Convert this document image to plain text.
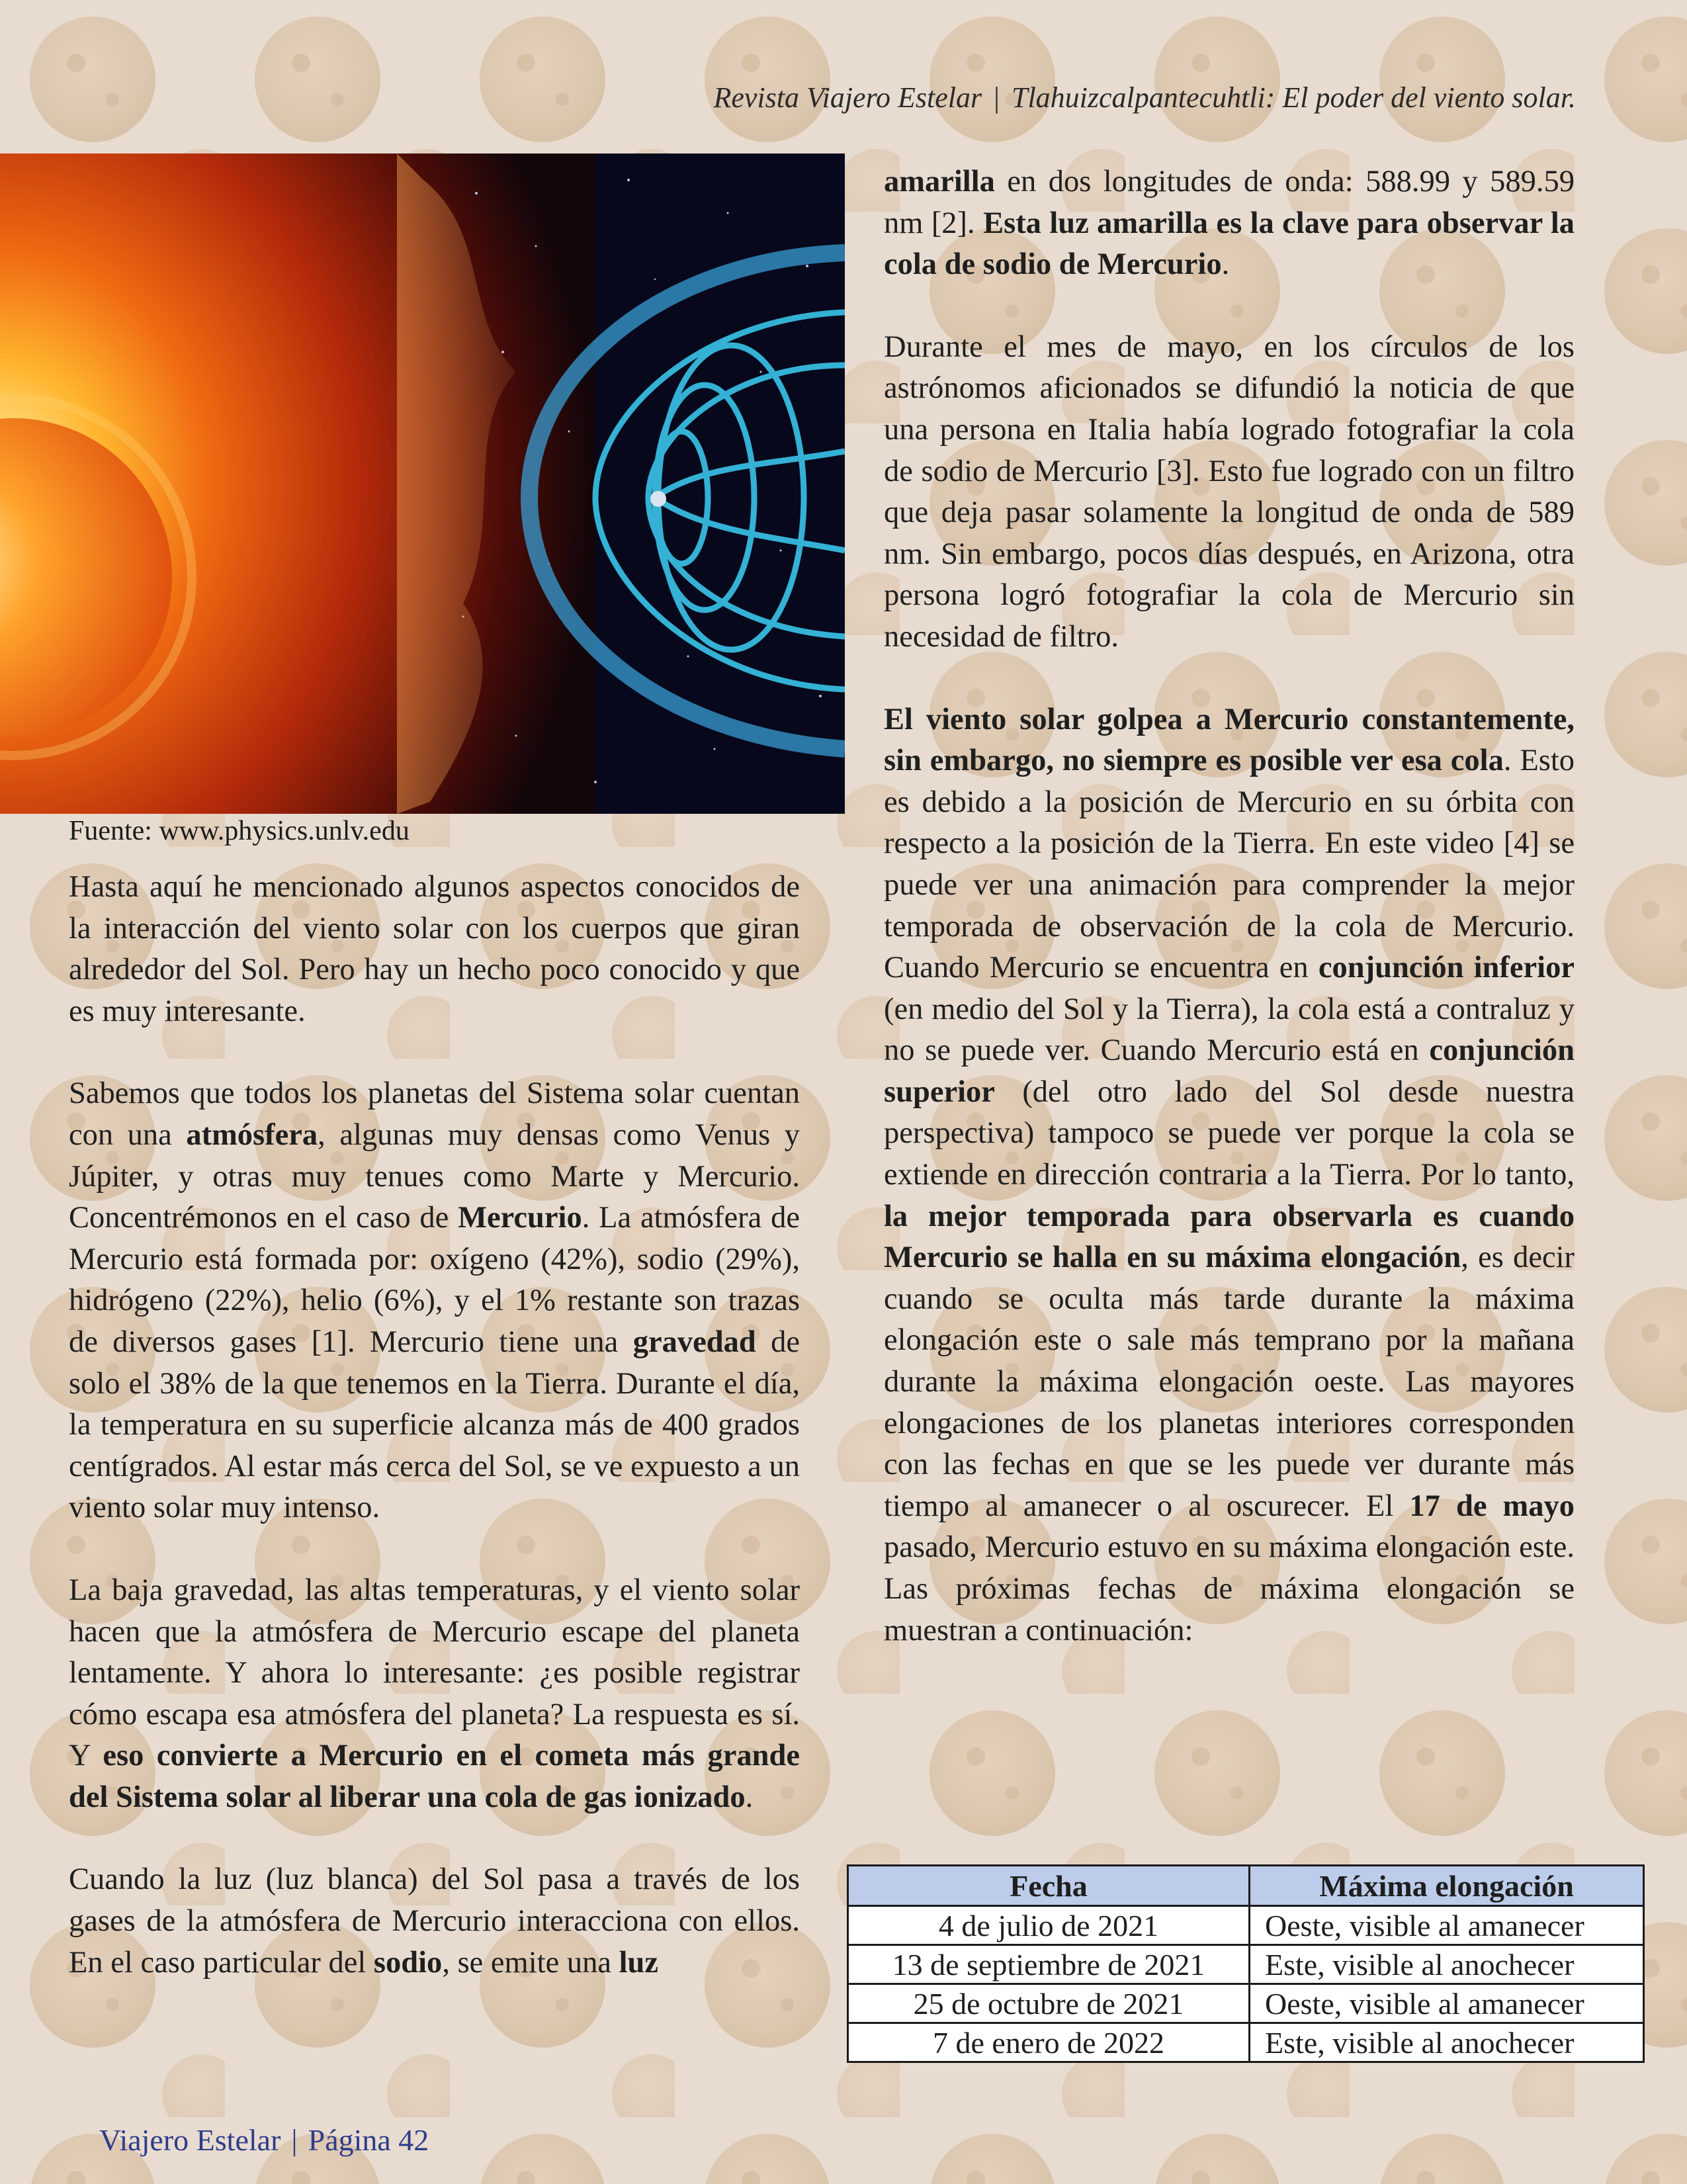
Revista Viajero Estelar | Tlahuizcalpantecuhtli: El poder del viento solar.
Fuente: www.physics.unlv.edu

Hasta aquí he mencionado algunos aspectos conocidos de la interacción del viento solar con los cuerpos que giran alrededor del Sol. Pero hay un hecho poco conocido y que es muy interesante.

Sabemos que todos los planetas del Sistema solar cuentan con una atmósfera, algunas muy densas como Venus y Júpiter, y otras muy tenues como Marte y Mercurio. Concentrémonos en el caso de Mercurio. La atmósfera de Mercurio está formada por: oxígeno (42%), sodio (29%), hidrógeno (22%), helio (6%), y el 1% restante son trazas de diversos gases [1]. Mercurio tiene una gravedad de solo el 38% de la que tenemos en la Tierra. Durante el día, la temperatura en su superficie alcanza más de 400 grados centígrados. Al estar más cerca del Sol, se ve expuesto a un viento solar muy intenso.

La baja gravedad, las altas temperaturas, y el viento solar hacen que la atmósfera de Mercurio escape del planeta lentamente. Y ahora lo interesante: ¿es posible registrar cómo escapa esa atmósfera del planeta? La respuesta es sí. Y eso convierte a Mercurio en el cometa más grande del Sistema solar al liberar una cola de gas ionizado.

Cuando la luz (luz blanca) del Sol pasa a través de los gases de la atmósfera de Mercurio interacciona con ellos. En el caso particular del sodio, se emite una luz

amarilla en dos longitudes de onda: 588.99 y 589.59 nm [2]. Esta luz amarilla es la clave para observar la cola de sodio de Mercurio.

Durante el mes de mayo, en los círculos de los astrónomos aficionados se difundió la noticia de que una persona en Italia había logrado fotografiar la cola de sodio de Mercurio [3]. Esto fue logrado con un filtro que deja pasar solamente la longitud de onda de 589 nm. Sin embargo, pocos días después, en Arizona, otra persona logró fotografiar la cola de Mercurio sin necesidad de filtro.

El viento solar golpea a Mercurio constantemente, sin embargo, no siempre es posible ver esa cola. Esto es debido a la posición de Mercurio en su órbita con respecto a la posición de la Tierra. En este video [4] se puede ver una animación para comprender la mejor temporada de observación de la cola de Mercurio. Cuando Mercurio se encuentra en conjunción inferior (en medio del Sol y la Tierra), la cola está a contraluz y no se puede ver. Cuando Mercurio está en conjunción superior (del otro lado del Sol desde nuestra perspectiva) tampoco se puede ver porque la cola se extiende en dirección contraria a la Tierra. Por lo tanto, la mejor temporada para observarla es cuando Mercurio se halla en su máxima elongación, es decir cuando se oculta más tarde durante la máxima elongación este o sale más temprano por la mañana durante la máxima elongación oeste. Las mayores elongaciones de los planetas interiores corresponden con las fechas en que se les puede ver durante más tiempo al amanecer o al oscurecer. El 17 de mayo pasado, Mercurio estuvo en su máxima elongación este. Las próximas fechas de máxima elongación se muestran a continuación:

Fecha	Máxima elongación
4 de julio de 2021	Oeste, visible al amanecer
13 de septiembre de 2021	Este, visible al anochecer
25 de octubre de 2021	Oeste, visible al amanecer
7 de enero de 2022	Este, visible al anochecer
Viajero Estelar | Página 42
